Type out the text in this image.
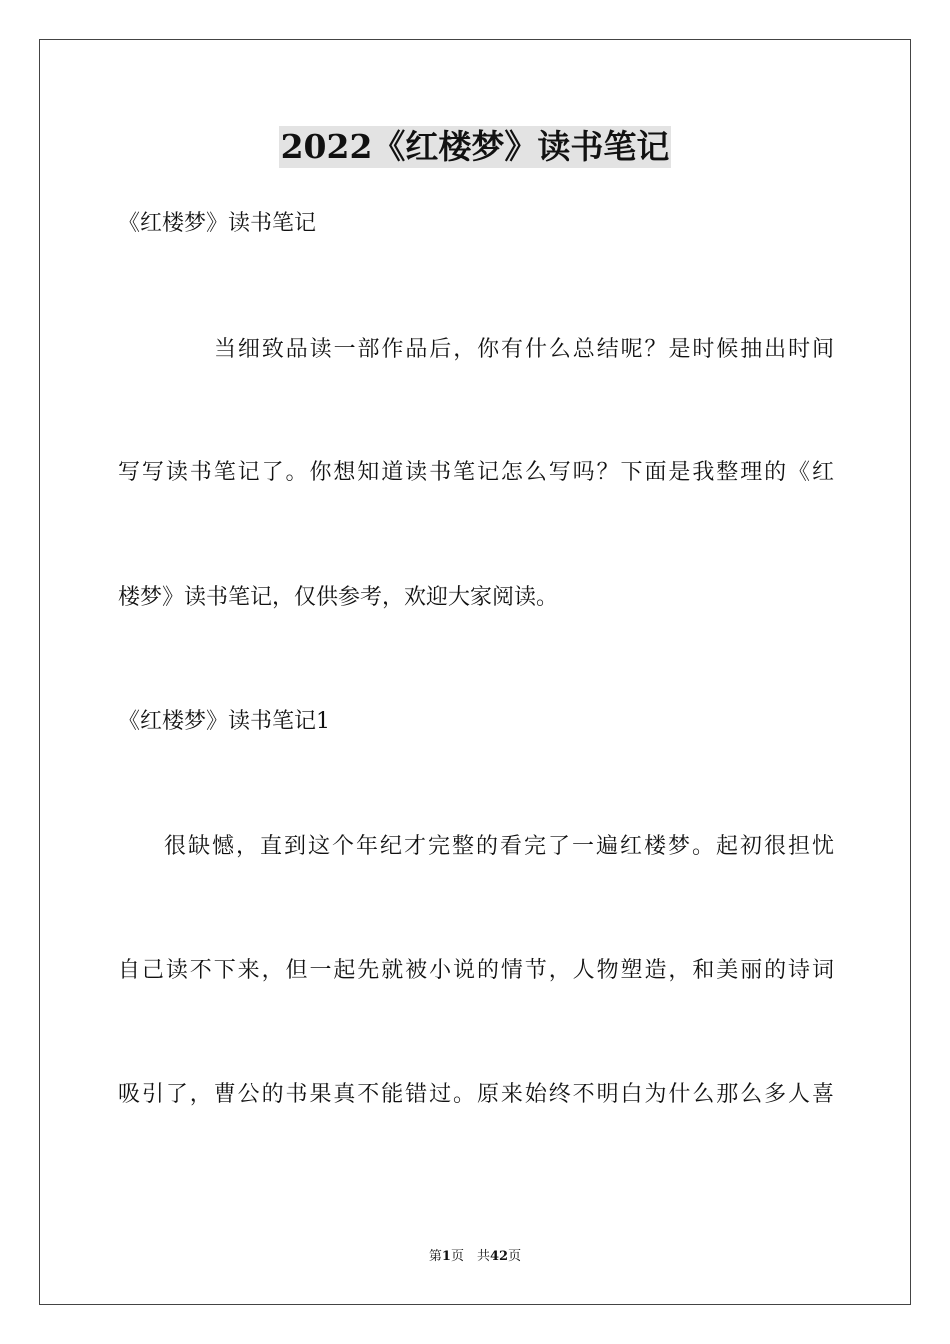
2022《红楼梦》读书笔记
《红楼梦》读书笔记
当细致品读一部作品后，你有什么总结呢？是时候抽出时间
写写读书笔记了。你想知道读书笔记怎么写吗？下面是我整理的《红
楼梦》读书笔记，仅供参考，欢迎大家阅读。
《红楼梦》读书笔记1
很缺憾，直到这个年纪才完整的看完了一遍红楼梦。起初很担忧
自己读不下来，但一起先就被小说的情节，人物塑造，和美丽的诗词
吸引了，曹公的书果真不能错过。原来始终不明白为什么那么多人喜
第1页　共42页
